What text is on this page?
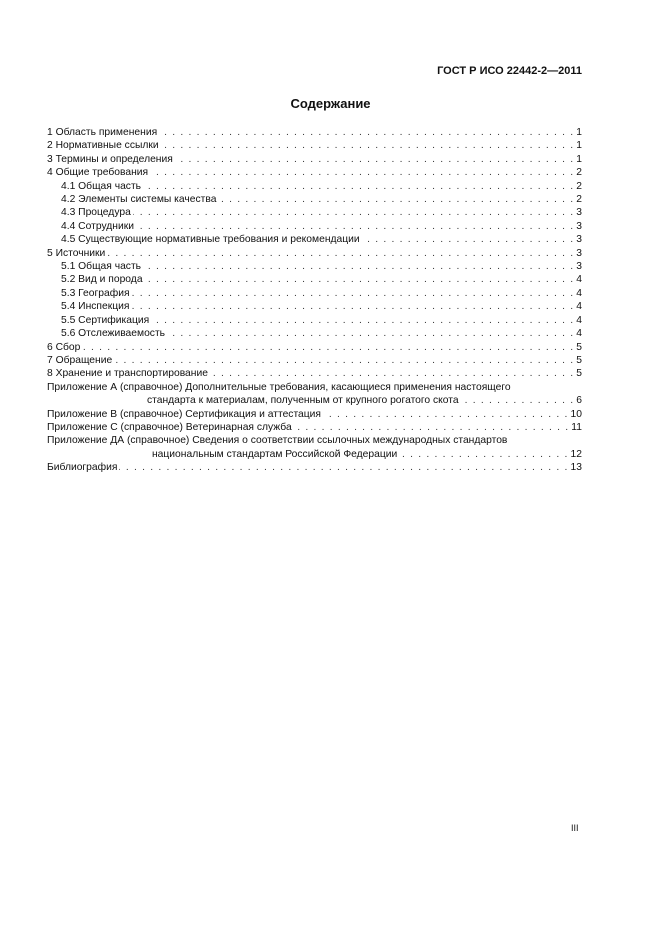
ГОСТ Р ИСО 22442-2—2011
Содержание
1 Область применения . . .	1
2 Нормативные ссылки . . .	1
3 Термины и определения . . .	1
4 Общие требования . . .	2
4.1 Общая часть . . .	2
4.2 Элементы системы качества . . .	2
4.3 Процедура . . .	3
4.4 Сотрудники . . .	3
4.5 Существующие нормативные требования и рекомендации . . .	3
5 Источники . . .	3
5.1 Общая часть . . .	3
5.2 Вид и порода . . .	4
5.3 География . . .	4
5.4 Инспекция . . .	4
5.5 Сертификация . . .	4
5.6 Отслеживаемость . . .	4
6 Сбор . . .	5
7 Обращение . . .	5
8 Хранение и транспортирование . . .	5
Приложение А (справочное) Дополнительные требования, касающиеся применения настоящего
стандарта к материалам, полученным от крупного рогатого скота . . .	6
Приложение В (справочное) Сертификация и аттестация . . .	10
Приложение С (справочное) Ветеринарная служба . . .	11
Приложение ДА (справочное) Сведения о соответствии ссылочных международных стандартов
национальным стандартам Российской Федерации . . .	12
Библиография . . .	13
III
